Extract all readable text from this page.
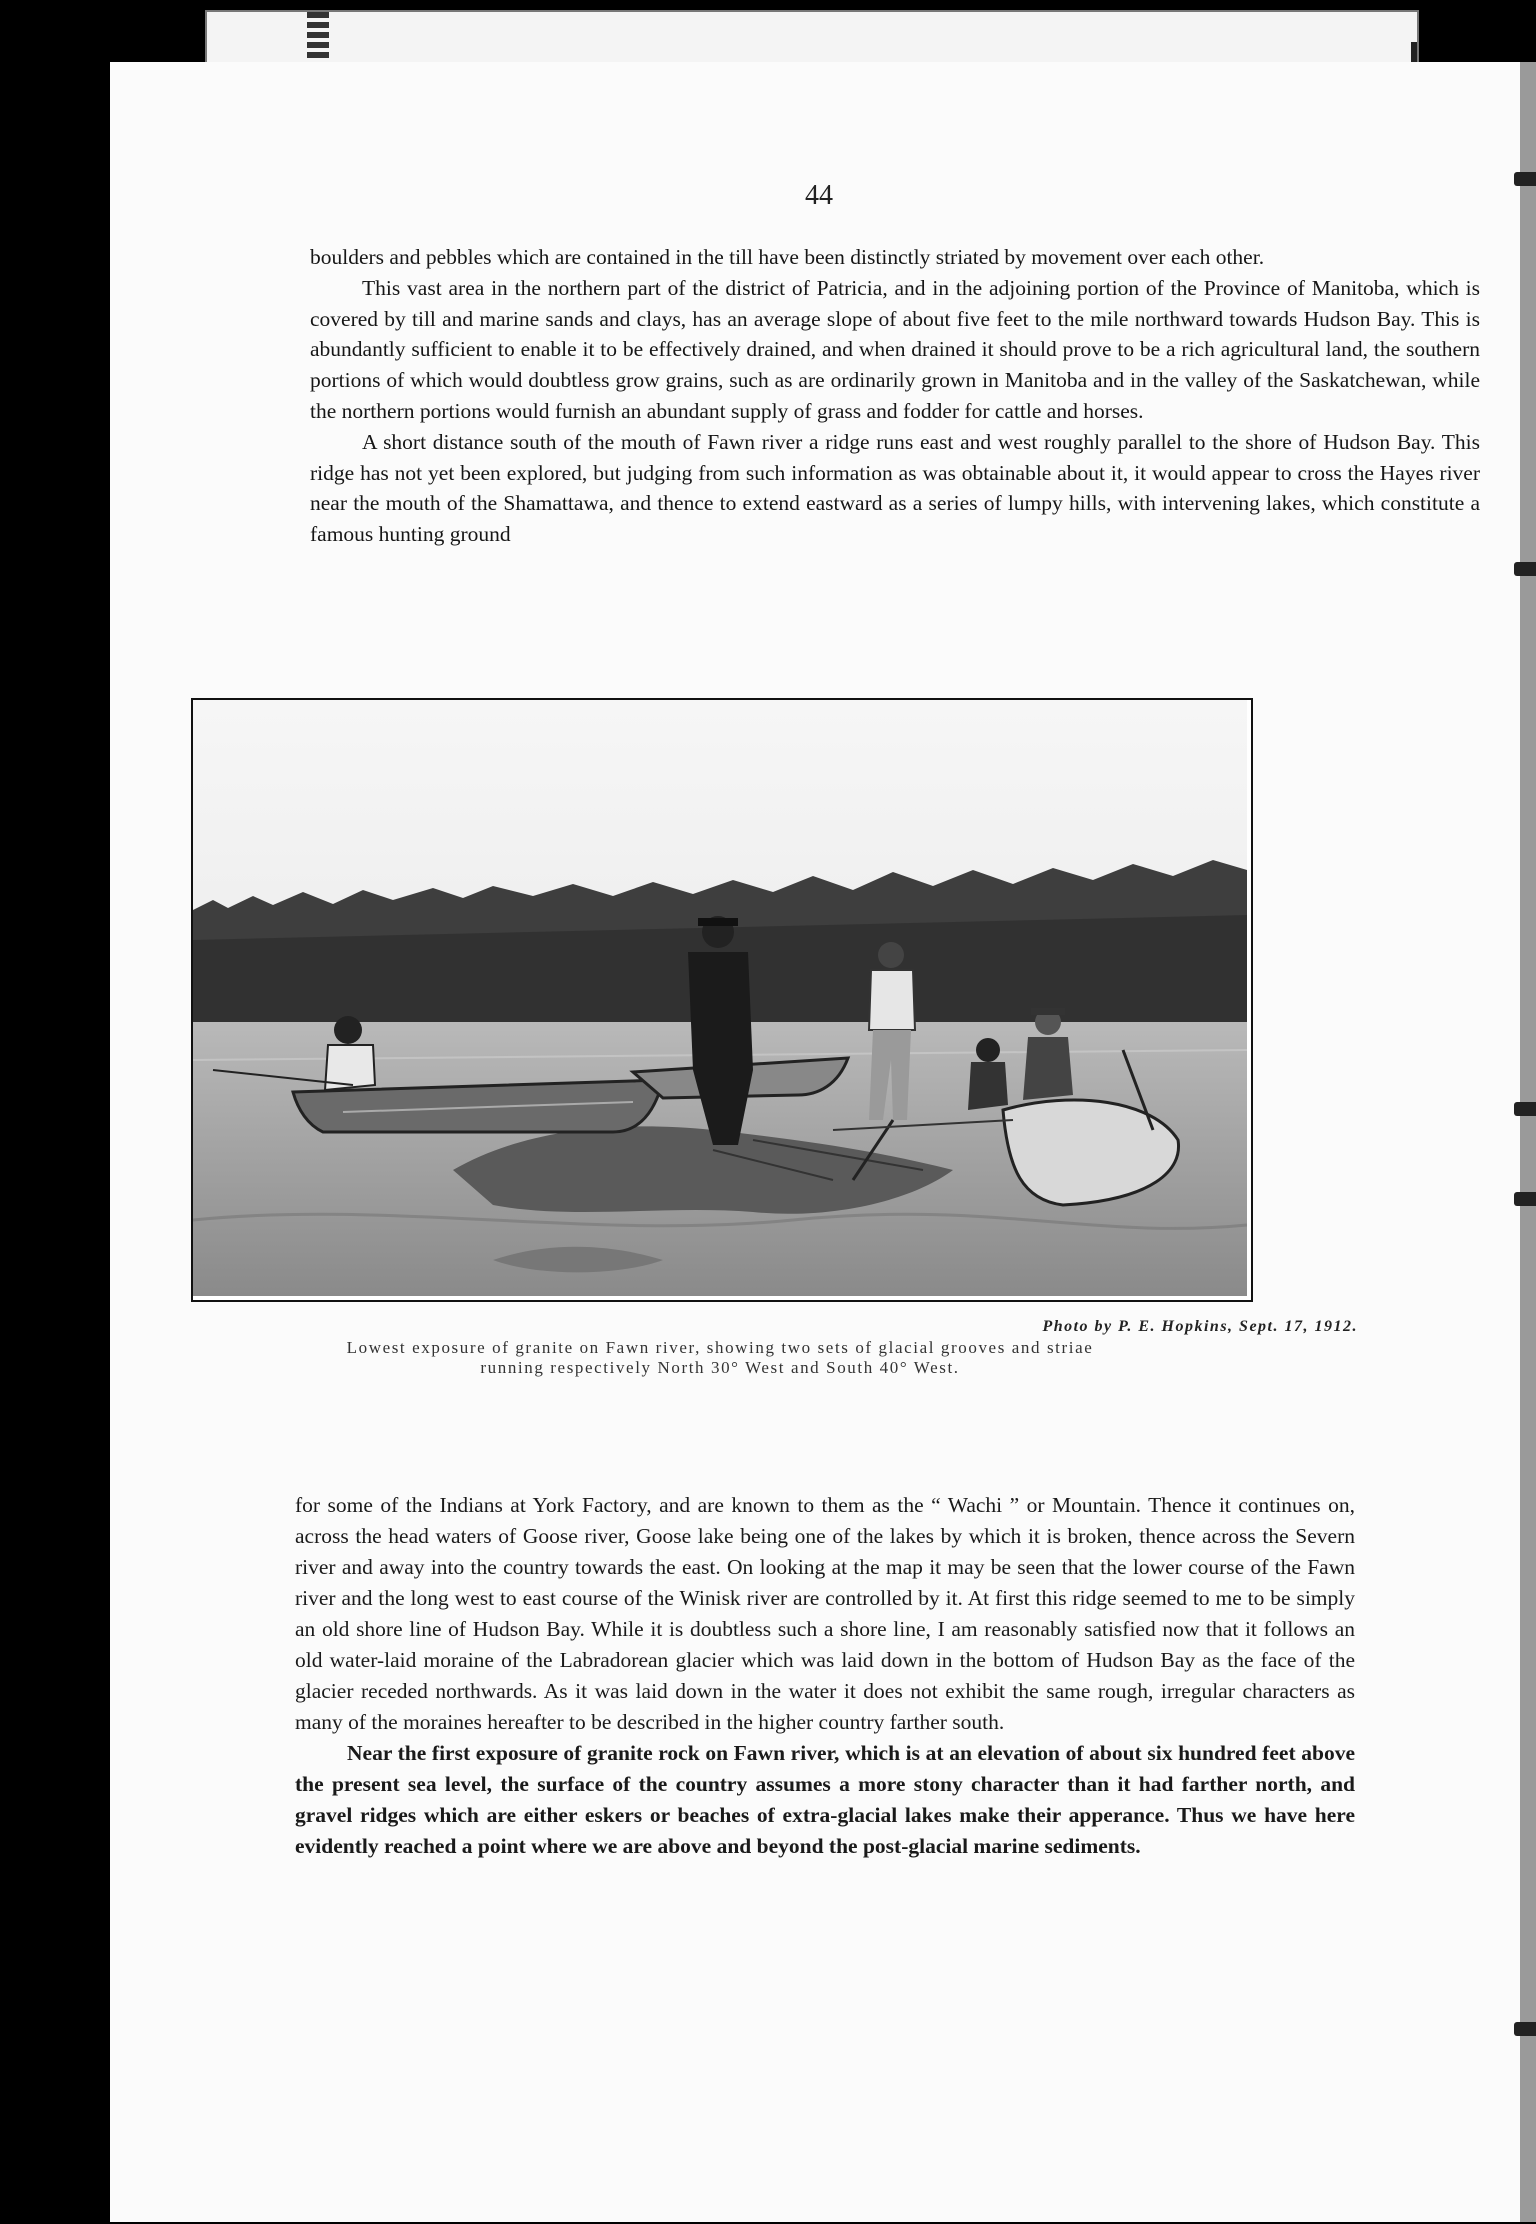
44

boulders and pebbles which are contained in the till have been distinctly striated by movement over each other.

This vast area in the northern part of the district of Patricia, and in the adjoining portion of the Province of Manitoba, which is covered by till and marine sands and clays, has an average slope of about five feet to the mile northward towards Hudson Bay. This is abundantly sufficient to enable it to be effectively drained, and when drained it should prove to be a rich agricultural land, the southern portions of which would doubtless grow grains, such as are ordinarily grown in Manitoba and in the valley of the Saskatchewan, while the northern portions would furnish an abundant supply of grass and fodder for cattle and horses.

A short distance south of the mouth of Fawn river a ridge runs east and west roughly parallel to the shore of Hudson Bay. This ridge has not yet been explored, but judging from such information as was obtainable about it, it would appear to cross the Hayes river near the mouth of the Shamattawa, and thence to extend eastward as a series of lumpy hills, with intervening lakes, which constitute a famous hunting ground

Photo by P. E. Hopkins, Sept. 17, 1912.
Lowest exposure of granite on Fawn river, showing two sets of glacial grooves and striae
running respectively North 30° West and South 40° West.

for some of the Indians at York Factory, and are known to them as the “ Wachi ” or Mountain. Thence it continues on, across the head waters of Goose river, Goose lake being one of the lakes by which it is broken, thence across the Severn river and away into the country towards the east. On looking at the map it may be seen that the lower course of the Fawn river and the long west to east course of the Winisk river are controlled by it. At first this ridge seemed to me to be simply an old shore line of Hudson Bay. While it is doubtless such a shore line, I am reasonably satisfied now that it follows an old water-laid moraine of the Labradorean glacier which was laid down in the bottom of Hudson Bay as the face of the glacier receded northwards. As it was laid down in the water it does not exhibit the same rough, irregular characters as many of the moraines hereafter to be described in the higher country farther south.

Near the first exposure of granite rock on Fawn river, which is at an elevation of about six hundred feet above the present sea level, the surface of the country assumes a more stony character than it had farther north, and gravel ridges which are either eskers or beaches of extra-glacial lakes make their apperance. Thus we have here evidently reached a point where we are above and beyond the post-glacial marine sediments.
